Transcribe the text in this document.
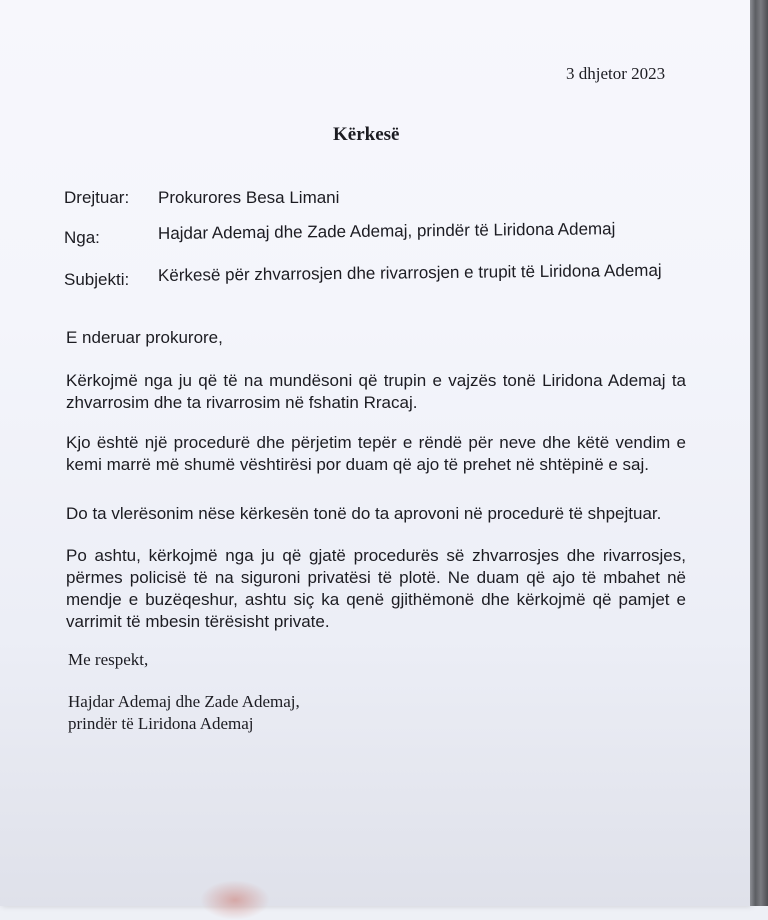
3 dhjetor 2023
Kërkesë
Drejtuar: Prokurores Besa Limani
Nga:	Hajdar Ademaj dhe Zade Ademaj, prindër të Liridona Ademaj
Subjekti: Kërkesë për zhvarrosjen dhe rivarrosjen e trupit të Liridona Ademaj
E nderuar prokurore,
Kërkojmë nga ju që të na mundësoni që trupin e vajzës tonë Liridona Ademaj ta zhvarrosim dhe ta rivarrosim në fshatin Rracaj.
Kjo është një procedurë dhe përjetim tepër e rëndë për neve dhe këtë vendim e kemi marrë më shumë vështirësi por duam që ajo të prehet në shtëpinë e saj.
Do ta vlerësonim nëse kërkesën tonë do ta aprovoni në procedurë të shpejtuar.
Po ashtu, kërkojmë nga ju që gjatë procedurës së zhvarrosjes dhe rivarrosjes, përmes policisë të na siguroni privatësi të plotë. Ne duam që ajo të mbahet në mendje e buzëqeshur, ashtu siç ka qenë gjithëmonë dhe kërkojmë që pamjet e varrimit të mbesin tërësisht private.
Me respekt,
Hajdar Ademaj dhe Zade Ademaj,
prindër të Liridona Ademaj
